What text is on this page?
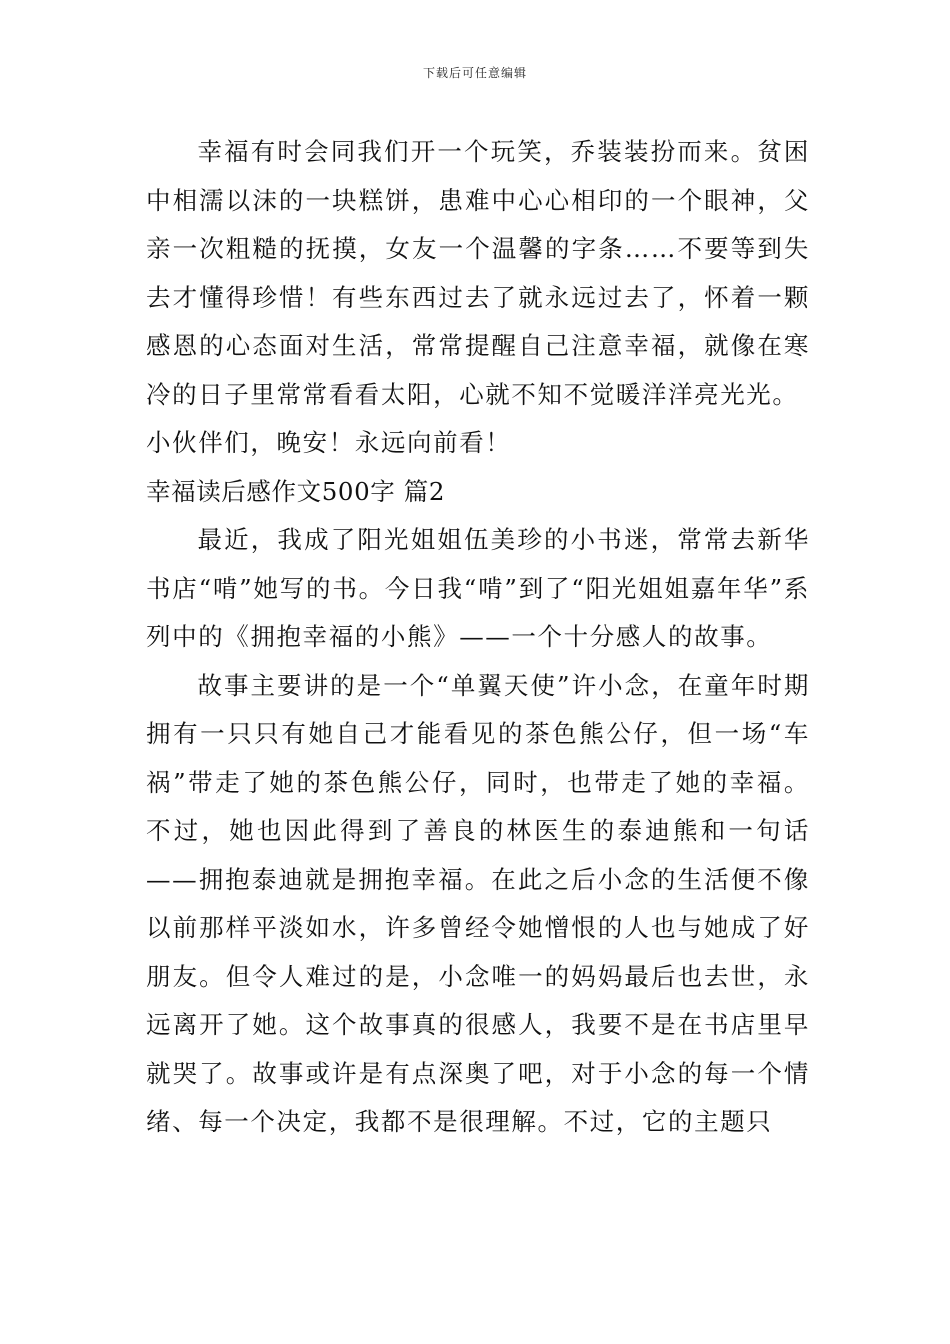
下载后可任意编辑

幸福有时会同我们开一个玩笑，乔装装扮而来。贫困中相濡以沫的一块糕饼，患难中心心相印的一个眼神，父亲一次粗糙的抚摸，女友一个温馨的字条……不要等到失去才懂得珍惜！有些东西过去了就永远过去了，怀着一颗感恩的心态面对生活，常常提醒自己注意幸福，就像在寒冷的日子里常常看看太阳，心就不知不觉暖洋洋亮光光。

小伙伴们，晚安！永远向前看！

幸福读后感作文500字 篇2

最近，我成了阳光姐姐伍美珍的小书迷，常常去新华书店“啃”她写的书。今日我“啃”到了“阳光姐姐嘉年华”系列中的《拥抱幸福的小熊》——一个十分感人的故事。

故事主要讲的是一个“单翼天使”许小念，在童年时期拥有一只只有她自己才能看见的茶色熊公仔，但一场“车祸”带走了她的茶色熊公仔，同时，也带走了她的幸福。不过，她也因此得到了善良的林医生的泰迪熊和一句话——拥抱泰迪就是拥抱幸福。在此之后小念的生活便不像以前那样平淡如水，许多曾经令她憎恨的人也与她成了好朋友。但令人难过的是，小念唯一的妈妈最后也去世，永远离开了她。这个故事真的很感人，我要不是在书店里早就哭了。故事或许是有点深奥了吧，对于小念的每一个情绪、每一个决定，我都不是很理解。不过，它的主题只
